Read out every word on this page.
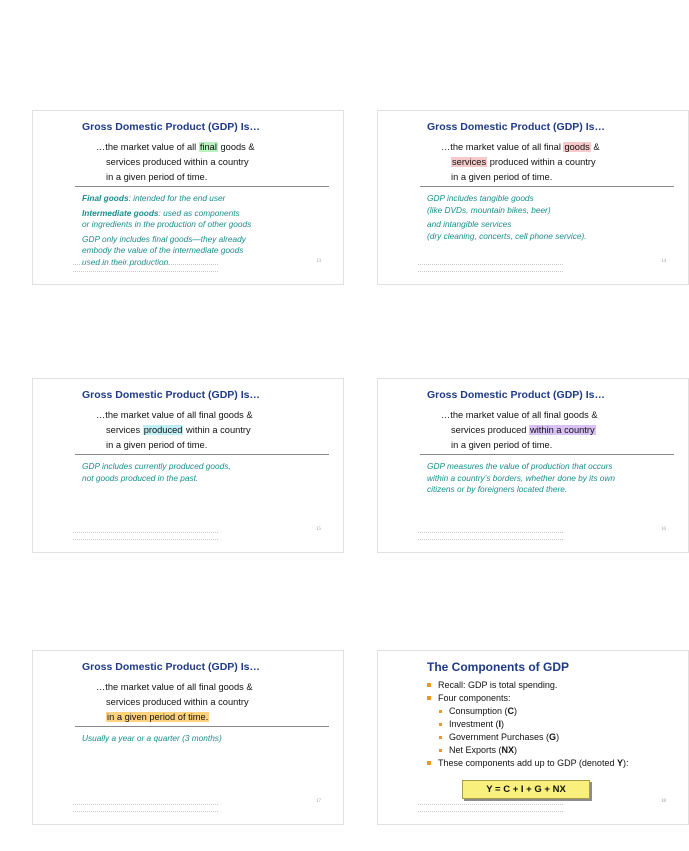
Gross Domestic Product (GDP) Is…
…the market value of all final goods &
services produced within a country
in a given period of time.

Final goods: intended for the end user

Intermediate goods: used as components
or ingredients in the production of other goods

GDP only includes final goods—they already
embody the value of the intermediate goods
used in their production.	13
Gross Domestic Product (GDP) Is…
…the market value of all final goods &
services produced within a country
in a given period of time.

GDP includes tangible goods
(like DVDs, mountain bikes, beer)

and intangible services
(dry cleaning, concerts, cell phone service).

14
Gross Domestic Product (GDP) Is…
…the market value of all final goods &
services produced within a country
in a given period of time.

GDP includes currently produced goods,
not goods produced in the past.

15
Gross Domestic Product (GDP) Is…
…the market value of all final goods &
services produced within a country
in a given period of time.

GDP measures the value of production that occurs
within a country’s borders, whether done by its own
citizens or by foreigners located there.

16
Gross Domestic Product (GDP) Is…
…the market value of all final goods &
services produced within a country
in a given period of time.

Usually a year or a quarter (3 months)

17
The Components of GDP
Recall: GDP is total spending.
Four components:
Consumption (C)
Investment (I)
Government Purchases (G)
Net Exports (NX)
These components add up to GDP (denoted Y):
Y = C + I + G + NX
18
